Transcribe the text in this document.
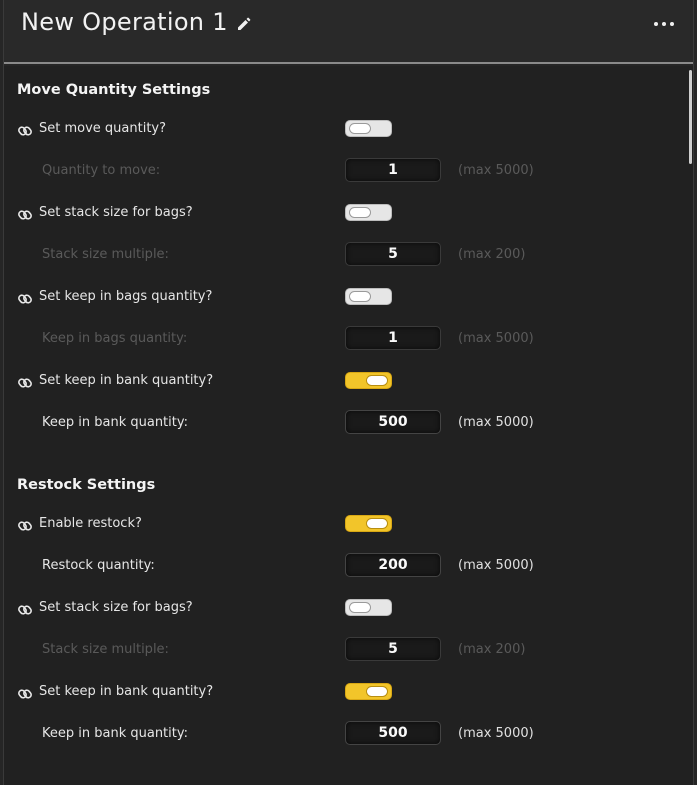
New Operation 1
Move Quantity Settings
Set move quantity?
Quantity to move:	1	(max 5000)
Set stack size for bags?
Stack size multiple:	5	(max 200)
Set keep in bags quantity?
Keep in bags quantity:	1	(max 5000)
Set keep in bank quantity?
Keep in bank quantity:	500	(max 5000)
Restock Settings
Enable restock?
Restock quantity:	200	(max 5000)
Set stack size for bags?
Stack size multiple:	5	(max 200)
Set keep in bank quantity?
Keep in bank quantity:	500	(max 5000)
